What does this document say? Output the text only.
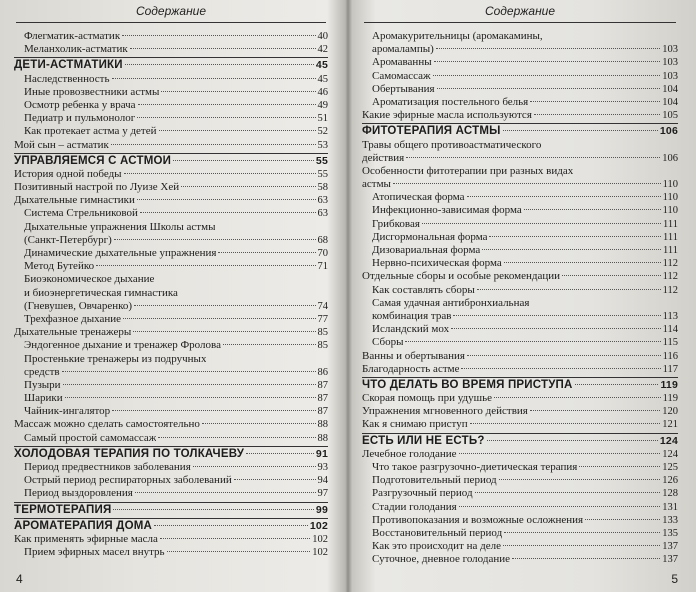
Содержание
Флегматик-астматик	40
Меланхолик-астматик	42
ДЕТИ-АСТМАТИКИ	45
Наследственность	45
Иные провозвестники астмы	46
Осмотр ребенка у врача	49
Педиатр и пульмонолог	51
Как протекает астма у детей	52
Мой сын – астматик	53
УПРАВЛЯЕМСЯ С АСТМОЙ	55
История одной победы	55
Позитивный настрой по Луизе Хей	58
Дыхательные гимнастики	63
Система Стрельниковой	63
Дыхательные упражнения Школы астмы
(Санкт-Петербург)	68
Динамические дыхательные упражнения	70
Метод Бутейко	71
Биоэкономическое дыхание
и биоэнергетическая гимнастика
(Гневушев, Овчаренко)	74
Трехфазное дыхание	77
Дыхательные тренажеры	85
Эндогенное дыхание и тренажер Фролова	85
Простенькие тренажеры из подручных
средств	86
Пузыри	87
Шарики	87
Чайник-ингалятор	87
Массаж можно сделать самостоятельно	88
Самый простой самомассаж	88
ХОЛОДОВАЯ ТЕРАПИЯ ПО ТОЛКАЧЕВУ	91
Период предвестников заболевания	93
Острый период респираторных заболеваний	94
Период выздоровления	97
ТЕРМОТЕРАПИЯ	99
АРОМАТЕРАПИЯ ДОМА	102
Как применять эфирные масла	102
Прием эфирных масел внутрь	102
4
Содержание
Аромакурительницы (аромакамины,
аромалампы)	103
Аромаванны	103
Самомассаж	103
Обертывания	104
Ароматизация постельного белья	104
Какие эфирные масла используются	105
ФИТОТЕРАПИЯ АСТМЫ	106
Травы общего противоастматического
действия	106
Особенности фитотерапии при разных видах
астмы	110
Атопическая форма	110
Инфекционно-зависимая форма	110
Грибковая	111
Дисгормональная форма	111
Дизовариальная форма	111
Нервно-психическая форма	112
Отдельные сборы и особые рекомендации	112
Как составлять сборы	112
Самая удачная антибронхиальная
комбинация трав	113
Исландский мох	114
Сборы	115
Ванны и обертывания	116
Благодарность астме	117
ЧТО ДЕЛАТЬ ВО ВРЕМЯ ПРИСТУПА	119
Скорая помощь при удушье	119
Упражнения мгновенного действия	120
Как я снимаю приступ	121
ЕСТЬ ИЛИ НЕ ЕСТЬ?	124
Лечебное голодание	124
Что такое разгрузочно-диетическая терапия	125
Подготовительный период	126
Разгрузочный период	128
Стадии голодания	131
Противопоказания и возможные осложнения	133
Восстановительный период	135
Как это происходит на деле	137
Суточное, дневное голодание	137
5
